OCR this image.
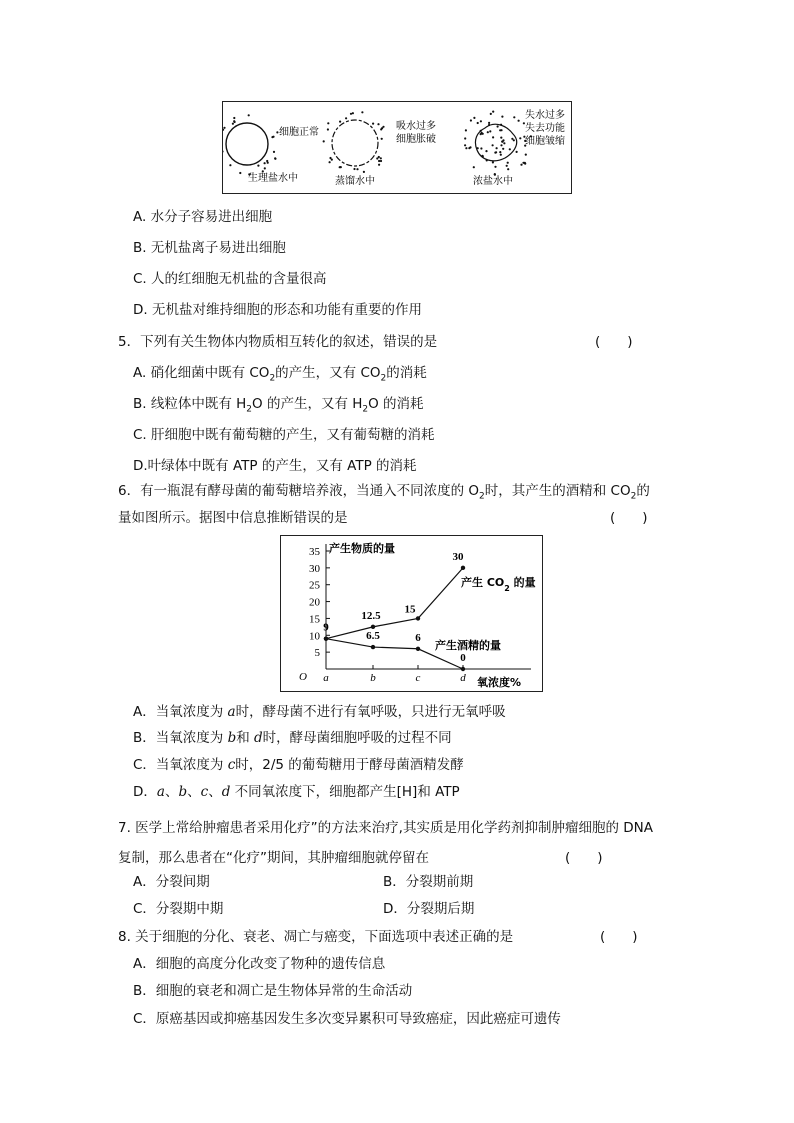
细胞正常
生理盐水中
吸水过多
细胞胀破
蒸馏水中
失水过多
失去功能
细胞皱缩
浓盐水中
A. 水分子容易进出细胞
B. 无机盐离子易进出细胞
C. 人的红细胞无机盐的含量很高
D. 无机盐对维持细胞的形态和功能有重要的作用
5．下列有关生物体内物质相互转化的叙述，错误的是	(　　)
A. 硝化细菌中既有 $CO_2$的产生，又有 $CO_2$的消耗
B. 线粒体中既有 $H_2O$ 的产生，又有 $H_2O$ 的消耗
C. 肝细胞中既有葡萄糖的产生，又有葡萄糖的消耗
D.叶绿体中既有 ATP 的产生，又有 ATP 的消耗
6．有一瓶混有酵母菌的葡萄糖培养液，当通入不同浓度的 $O_2$时，其产生的酒精和 $CO_2$的
量如图所示。据图中信息推断错误的是	(　　)
O
产生物质的量
氧浓度%
产生 $CO_2$ 的量
产生酒精的量
5
10
15
20
25
30
35
a	b	c	d
9
12.5
15
30
6.5	6
0
A．当氧浓度为 a时，酵母菌不进行有氧呼吸，只进行无氧呼吸
B．当氧浓度为 b和 d时，酵母菌细胞呼吸的过程不同
C．当氧浓度为 c时，2/5 的葡萄糖用于酵母菌酒精发酵
D．a、b、c、d 不同氧浓度下，细胞都产生[H]和 ATP
7. 医学上常给肿瘤患者采用化疗”的方法来治疗,其实质是用化学药剂抑制肿瘤细胞的 DNA
复制，那么患者在“化疗”期间，其肿瘤细胞就停留在	(　　)
A．分裂间期	B．分裂期前期
C．分裂期中期	D．分裂期后期
8. 关于细胞的分化、衰老、凋亡与癌变，下面选项中表述正确的是	(　　)
A．细胞的高度分化改变了物种的遗传信息
B．细胞的衰老和凋亡是生物体异常的生命活动
C．原癌基因或抑癌基因发生多次变异累积可导致癌症，因此癌症可遗传
